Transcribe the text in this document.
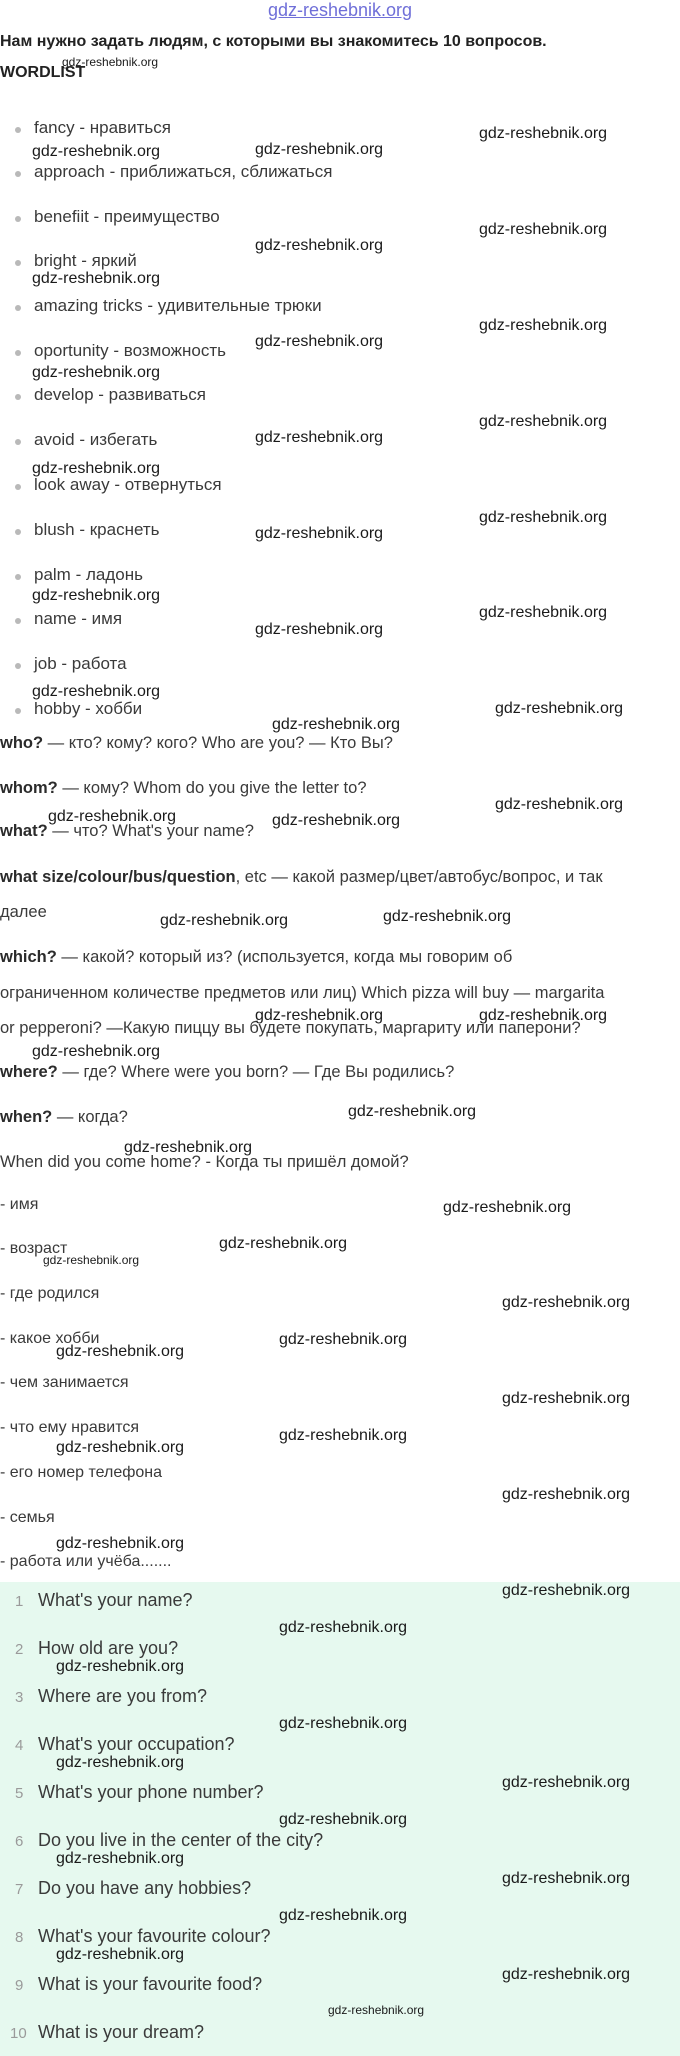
gdz-reshebnik.org
Нам нужно задать людям, с которыми вы знакомитесь 10 вопросов.
WORDLIST
fancy - нравиться
approach - приближаться, сближаться
benefiit - преимущество
bright - яркий
amazing tricks - удивительные трюки
oportunity - возможность
develop - развиваться
avoid - избегать
look away - отвернуться
blush - краснеть
palm - ладонь
name - имя
job - работа
hobby - хобби
who? — кто? кому? кого? Who are you? — Кто Вы?
whom? — кому? Whom do you give the letter to?
what? — что? What's your name?
what size/colour/bus/question, etc — какой размер/цвет/автобус/вопрос, и так
далее
which? — какой? который из? (используется, когда мы говорим об
ограниченном количестве предметов или лиц) Which pizza will buy — margarita
or pepperoni? —Какую пиццу вы будете покупать, маргариту или паперони?
where? — где? Where were you born? — Где Вы родились?
when? — когда?
When did you come home? - Когда ты пришёл домой?
- имя
- возраст
- где родился
- какое хобби
- чем занимается
- что ему нравится
- его номер телефона
- семья
- работа или учёба.......
1 What's your name?
2 How old are you?
3 Where are you from?
4 What's your occupation?
5 What's your phone number?
6 Do you live in the center of the city?
7 Do you have any hobbies?
8 What's your favourite colour?
9 What is your favourite food?
10 What is your dream?
gdz-reshebnik.org
gdz-reshebnik.org
gdz-reshebnik.org	gdz-reshebnik.org
gdz-reshebnik.org
gdz-reshebnik.org
gdz-reshebnik.org
gdz-reshebnik.org
gdz-reshebnik.org
gdz-reshebnik.org
gdz-reshebnik.org
gdz-reshebnik.org
gdz-reshebnik.org
gdz-reshebnik.org
gdz-reshebnik.org
gdz-reshebnik.org
gdz-reshebnik.org
gdz-reshebnik.org
gdz-reshebnik.org
gdz-reshebnik.org
gdz-reshebnik.org
gdz-reshebnik.org
gdz-reshebnik.org	gdz-reshebnik.org
gdz-reshebnik.org
gdz-reshebnik.org
gdz-reshebnik.org	gdz-reshebnik.org
gdz-reshebnik.org
gdz-reshebnik.org
gdz-reshebnik.org
gdz-reshebnik.org
gdz-reshebnik.org
gdz-reshebnik.org
gdz-reshebnik.org
gdz-reshebnik.org
gdz-reshebnik.org
gdz-reshebnik.org
gdz-reshebnik.org
gdz-reshebnik.org
gdz-reshebnik.org
gdz-reshebnik.org
gdz-reshebnik.org
gdz-reshebnik.org
gdz-reshebnik.org
gdz-reshebnik.org
gdz-reshebnik.org
gdz-reshebnik.org
gdz-reshebnik.org
gdz-reshebnik.org
gdz-reshebnik.org
gdz-reshebnik.org
gdz-reshebnik.org
gdz-reshebnik.org
gdz-reshebnik.org
